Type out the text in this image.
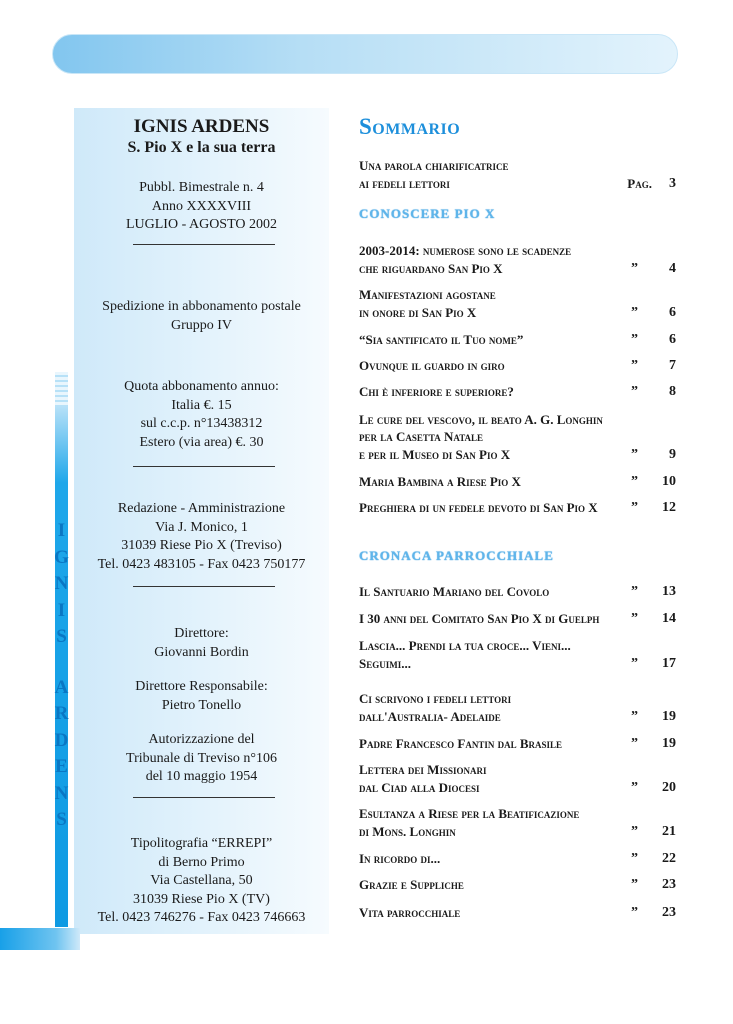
I
G
N
I
S
A
R
D
E
N
S
IGNIS ARDENS
S. Pio X e la sua terra

Pubbl. Bimestrale n. 4

Anno XXXXVIII

LUGLIO - AGOSTO 2002

Spedizione in abbonamento postale

Gruppo IV

Quota abbonamento annuo:

Italia €. 15

sul c.c.p. n°13438312

Estero (via area) €. 30

Redazione - Amministrazione

Via J. Monico, 1

31039 Riese Pio X (Treviso)

Tel. 0423 483105 - Fax 0423 750177

Direttore:

Giovanni Bordin

Direttore Responsabile:

Pietro Tonello

Autorizzazione del

Tribunale di Treviso n°106

del 10 maggio 1954

Tipolitografia “ERREPI”

di Berno Primo

Via Castellana, 50

31039 Riese Pio X (TV)

Tel. 0423 746276 - Fax 0423 746663

Sommario
CONOSCERE PIO X
CRONACA PARROCCHIALE
Una parola chiarificatrice
ai fedeli lettori	Pag.	3
2003-2014: numerose sono le scadenze
che riguardano San Pio X	”	4
Manifestazioni agostane
in onore di San Pio X	”	6
“Sia santificato il Tuo nome”	”	6
Ovunque il guardo in giro	”	7
Chi è inferiore e superiore?	”	8
Le cure del vescovo, il beato A. G. Longhin
per la Casetta Natale
e per il Museo di San Pio X	”	9
Maria Bambina a Riese Pio X	”	10
Preghiera di un fedele devoto di San Pio X	”	12
Il Santuario Mariano del Covolo	”	13
I 30 anni del Comitato San Pio X di Guelph	”	14
Lascia... Prendi la tua croce... Vieni...
Seguimi...	”	17
Ci scrivono i fedeli lettori
dall'Australia- Adelaide	”	19
Padre Francesco Fantin dal Brasile	”	19
Lettera dei Missionari
dal Ciad alla Diocesi	”	20
Esultanza a Riese per la Beatificazione
di Mons. Longhin	”	21
In ricordo di...	”	22
Grazie e Suppliche	”	23
Vita parrocchiale	”	23
